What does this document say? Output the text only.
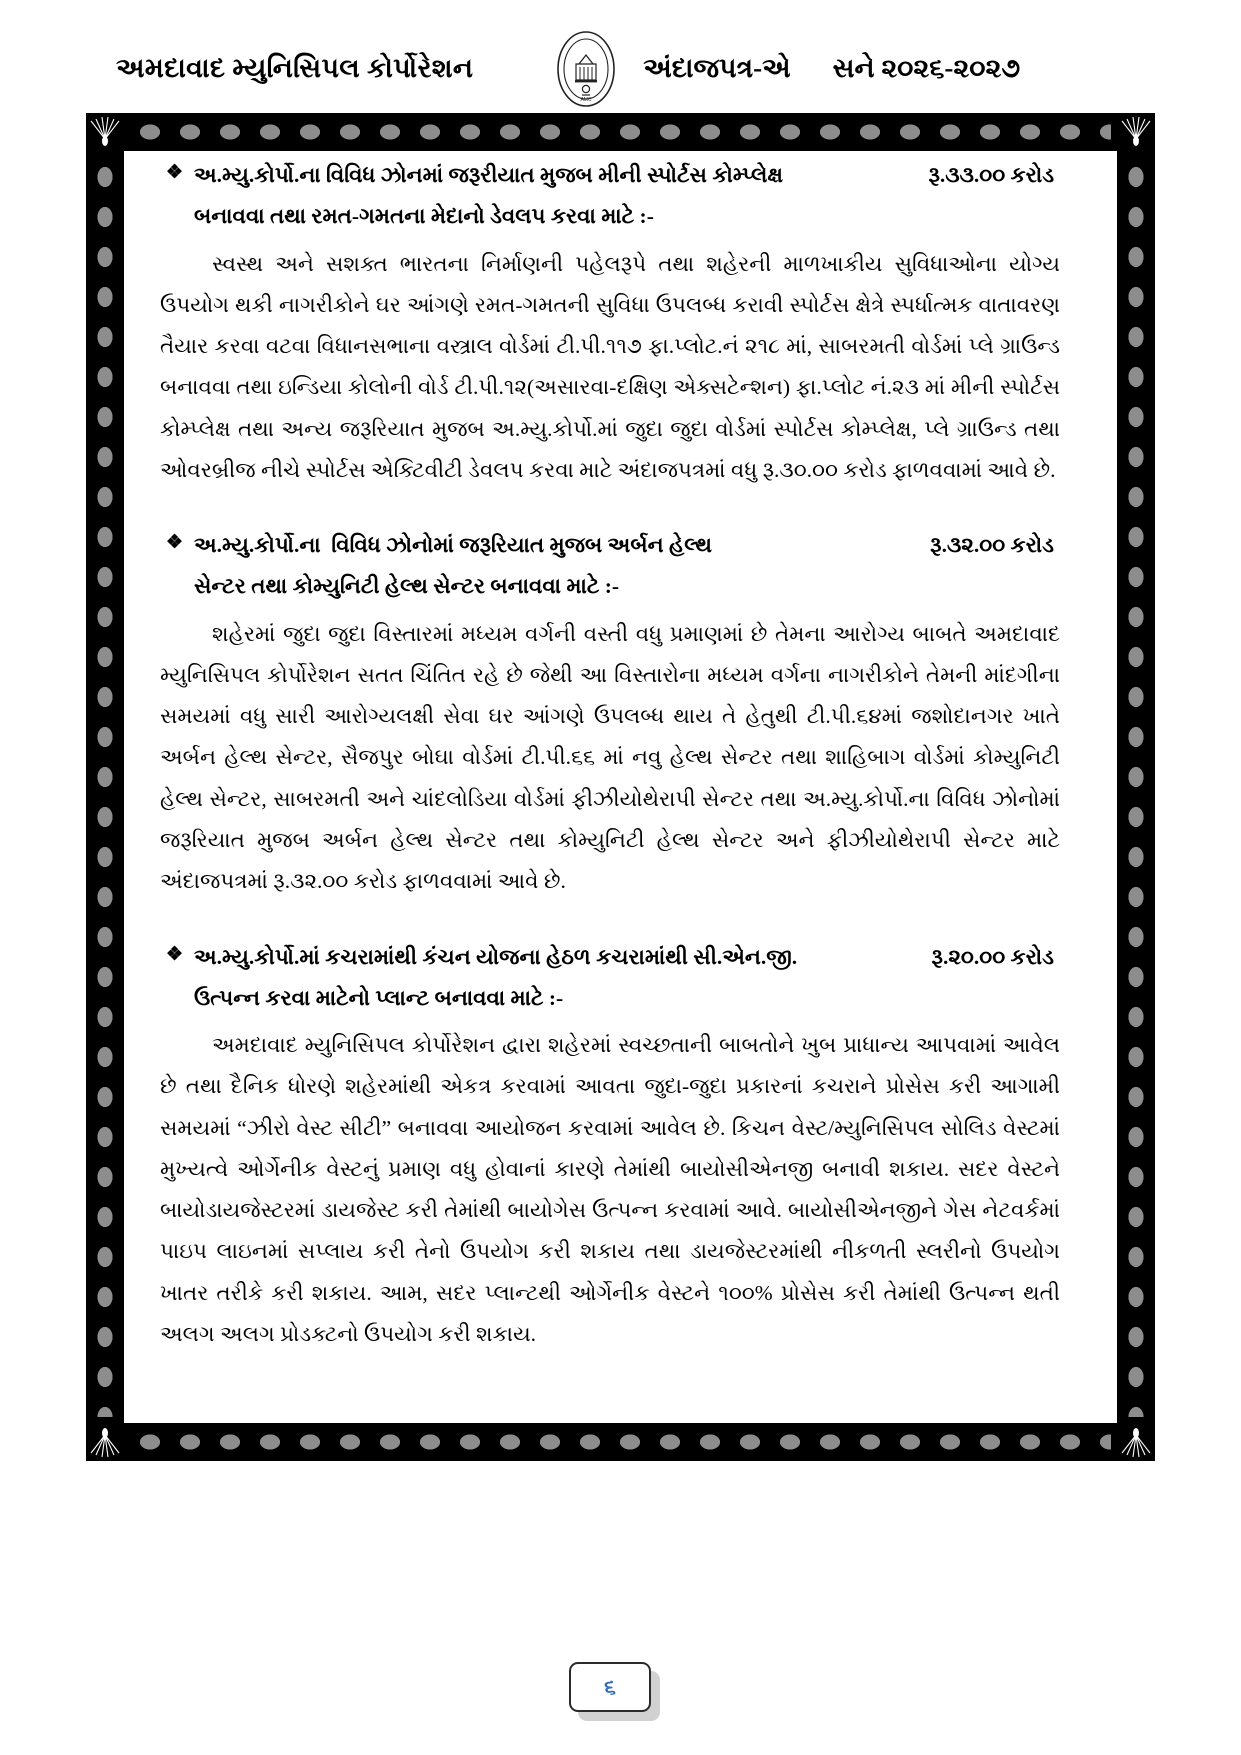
અમદાવાદ મ્યુનિસિપલ કોર્પોરેશન
AMC
અંદાજપત્ર-એ સને ૨૦૨૬-૨૦૨૭
❖ અ.મ્યુ.કોર્પો.ના વિવિધ ઝોનમાં જરૂરીયાત મુજબ મીની સ્પોર્ટસ કોમ્પ્લેક્ષ	રૂ.૩૩.૦૦ કરોડ
બનાવવા તથા રમત-ગમતના મેદાનો ડેવલપ કરવા માટે :-

સ્વસ્થ અને સશક્ત ભારતના નિર્માણની પહેલરૂપે તથા શહેરની માળખાકીય સુવિધાઓના યોગ્ય ઉપયોગ થકી નાગરીકોને ઘર આંગણે રમત-ગમતની સુવિધા ઉપલબ્ધ કરાવી સ્પોર્ટસ ક્ષેત્રે સ્પર્ધાત્મક વાતાવરણ તૈયાર કરવા વટવા વિધાનસભાના વસ્ત્રાલ વોર્ડમાં ટી.પી.૧૧૭ ફા.પ્લોટ.નં ૨૧૮ માં, સાબરમતી વોર્ડમાં પ્લે ગ્રાઉન્ડ બનાવવા તથા ઇન્ડિયા કોલોની વોર્ડ ટી.પી.૧૨(અસારવા-દક્ષિણ એક્સટેન્શન) ફા.પ્લોટ નં.૨૩ માં મીની સ્પોર્ટસ કોમ્પ્લેક્ષ તથા અન્ય જરૂરિયાત મુજબ અ.મ્યુ.કોર્પો.માં જુદા જુદા વોર્ડમાં સ્પોર્ટસ કોમ્પ્લેક્ષ, પ્લે ગ્રાઉન્ડ તથા ઓવરબ્રીજ નીચે સ્પોર્ટસ એક્ટિવીટી ડેવલપ કરવા માટે અંદાજપત્રમાં વધુ રૂ.૩૦.૦૦ કરોડ ફાળવવામાં આવે છે.

❖ અ.મ્યુ.કોર્પો.ના  વિવિધ ઝોનોમાં જરૂરિયાત મુજબ અર્બન હેલ્થ	રૂ.૩૨.૦૦ કરોડ
સેન્ટર તથા કોમ્યુનિટી હેલ્થ સેન્ટર બનાવવા માટે :-

શહેરમાં જુદા જુદા વિસ્તારમાં મધ્યમ વર્ગની વસ્તી વધુ પ્રમાણમાં છે તેમના આરોગ્ય બાબતે અમદાવાદ મ્યુનિસિપલ કોર્પોરેશન સતત ચિંતિત રહે છે જેથી આ વિસ્તારોના મધ્યમ વર્ગના નાગરીકોને તેમની માંદગીના સમયમાં વધુ સારી આરોગ્યલક્ષી સેવા ઘર આંગણે ઉપલબ્ધ થાય તે હેતુથી ટી.પી.૬૪માં જશોદાનગર ખાતે અર્બન હેલ્થ સેન્ટર, સૈજપુર બોઘા વોર્ડમાં ટી.પી.૬૬ માં નવુ હેલ્થ સેન્ટર તથા શાહિબાગ વોર્ડમાં કોમ્યુનિટી હેલ્થ સેન્ટર, સાબરમતી અને ચાંદલોડિયા વોર્ડમાં ફીઝીયોથેરાપી સેન્ટર તથા અ.મ્યુ.કોર્પો.ના વિવિધ ઝોનોમાં જરૂરિયાત મુજબ અર્બન હેલ્થ સેન્ટર તથા કોમ્યુનિટી હેલ્થ સેન્ટર અને ફીઝીયોથેરાપી સેન્ટર માટે અંદાજપત્રમાં રૂ.૩૨.૦૦ કરોડ ફાળવવામાં આવે છે.

❖ અ.મ્યુ.કોર્પો.માં કચરામાંથી કંચન યોજના હેઠળ કચરામાંથી સી.એન.જી.	રૂ.૨૦.૦૦ કરોડ
ઉત્પન્ન કરવા માટેનો પ્લાન્ટ બનાવવા માટે :-

અમદાવાદ મ્યુનિસિપલ કોર્પોરેશન દ્વારા શહેરમાં સ્વચ્છતાની બાબતોને ખુબ પ્રાધાન્ય આપવામાં આવેલ છે તથા દૈનિક ધોરણે શહેરમાંથી એકત્ર કરવામાં આવતા જુદા-જુદા પ્રકારનાં કચરાને પ્રોસેસ કરી આગામી સમયમાં “ઝીરો વેસ્ટ સીટી” બનાવવા આયોજન કરવામાં આવેલ છે. કિચન વેસ્ટ/મ્યુનિસિપલ સોલિડ વેસ્ટમાં મુખ્યત્વે ઓર્ગેનીક વેસ્ટનું પ્રમાણ વધુ હોવાનાં કારણે તેમાંથી બાયોસીએનજી બનાવી શકાય. સદર વેસ્ટને બાયોડાયજેસ્ટરમાં ડાયજેસ્ટ કરી તેમાંથી બાયોગેસ ઉત્પન્ન કરવામાં આવે. બાયોસીએનજીને ગેસ નેટવર્કમાં પાઇપ લાઇનમાં સપ્લાય કરી તેનો ઉપયોગ કરી શકાય તથા ડાયજેસ્ટરમાંથી નીકળતી સ્લરીનો ઉપયોગ ખાતર તરીકે કરી શકાય. આમ, સદર પ્લાન્ટથી ઓર્ગેનીક વેસ્ટને ૧૦૦% પ્રોસેસ કરી તેમાંથી ઉત્પન્ન થતી અલગ અલગ પ્રોડક્ટનો ઉપયોગ કરી શકાય.

૬
